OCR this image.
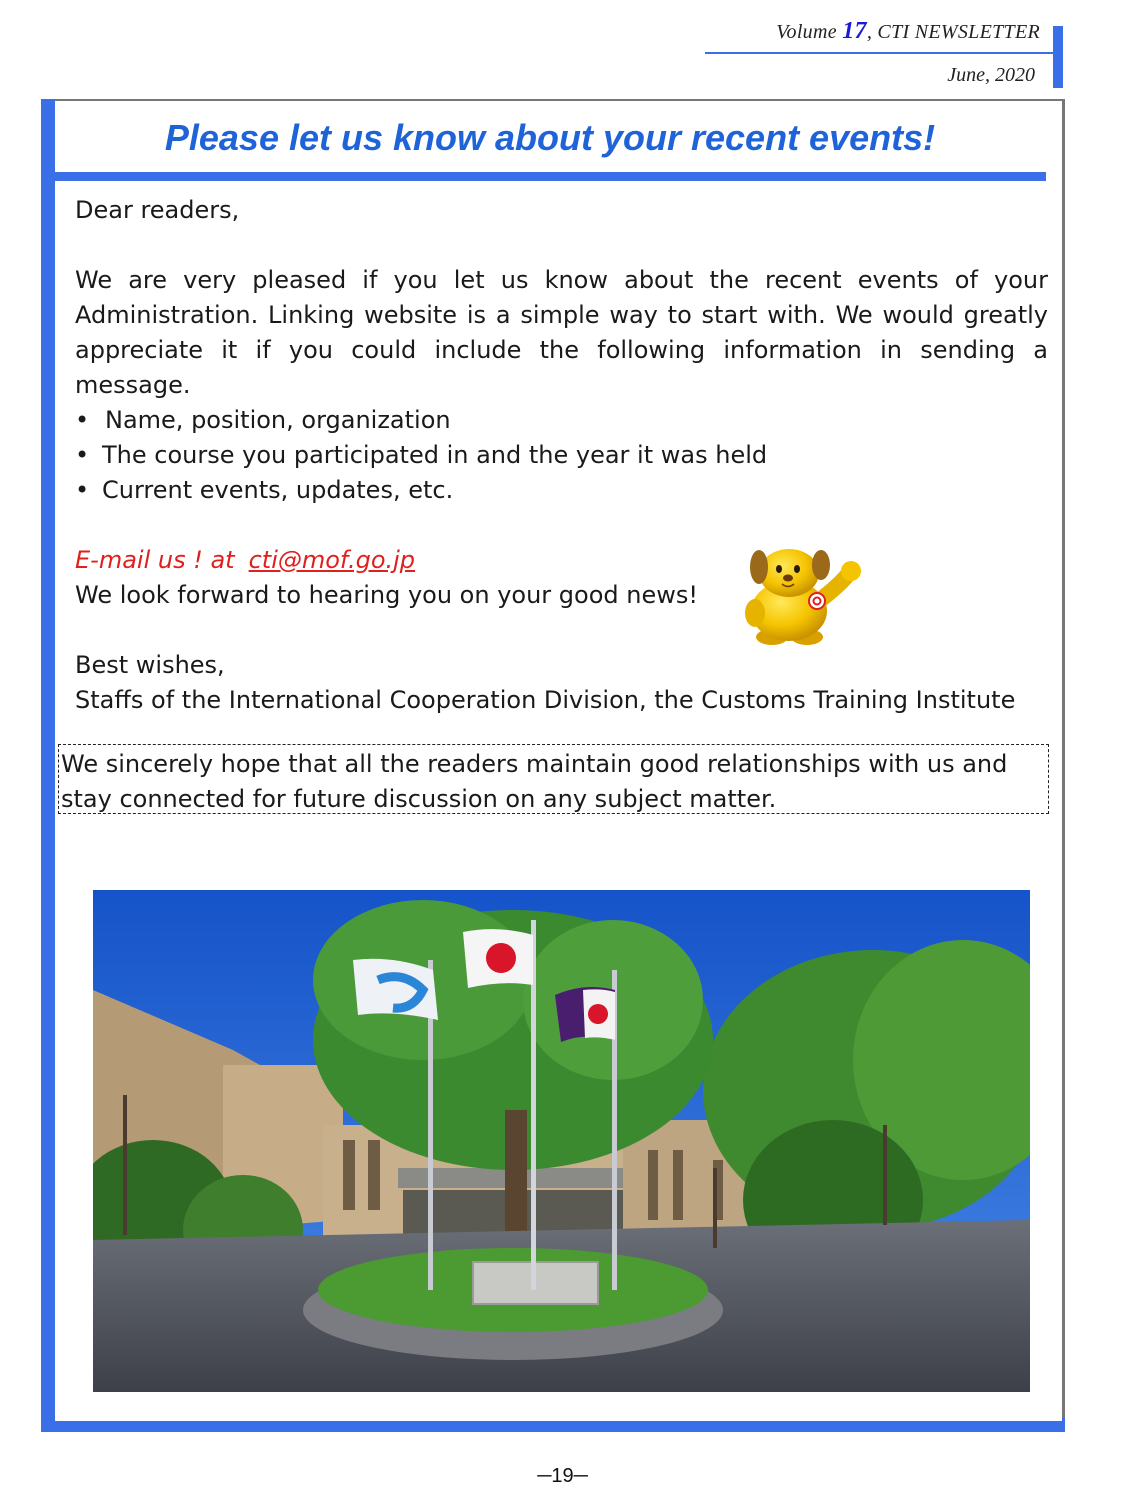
Volume 17, CTI NEWSLETTER
June, 2020
Please let us know about your recent events!
Dear readers,
We are very pleased if you let us know about the recent events of your Administration. Linking website is a simple way to start with. We would greatly appreciate it if you could include the following information in sending a message.
• Name, position, organization
• The course you participated in and the year it was held
• Current events, updates, etc.
E-mail us ! at cti@mof.go.jp
We look forward to hearing you on your good news!
Best wishes,
Staffs of the International Cooperation Division, the Customs Training Institute
We sincerely hope that all the readers maintain good relationships with us and stay connected for future discussion on any subject matter.
─19─
